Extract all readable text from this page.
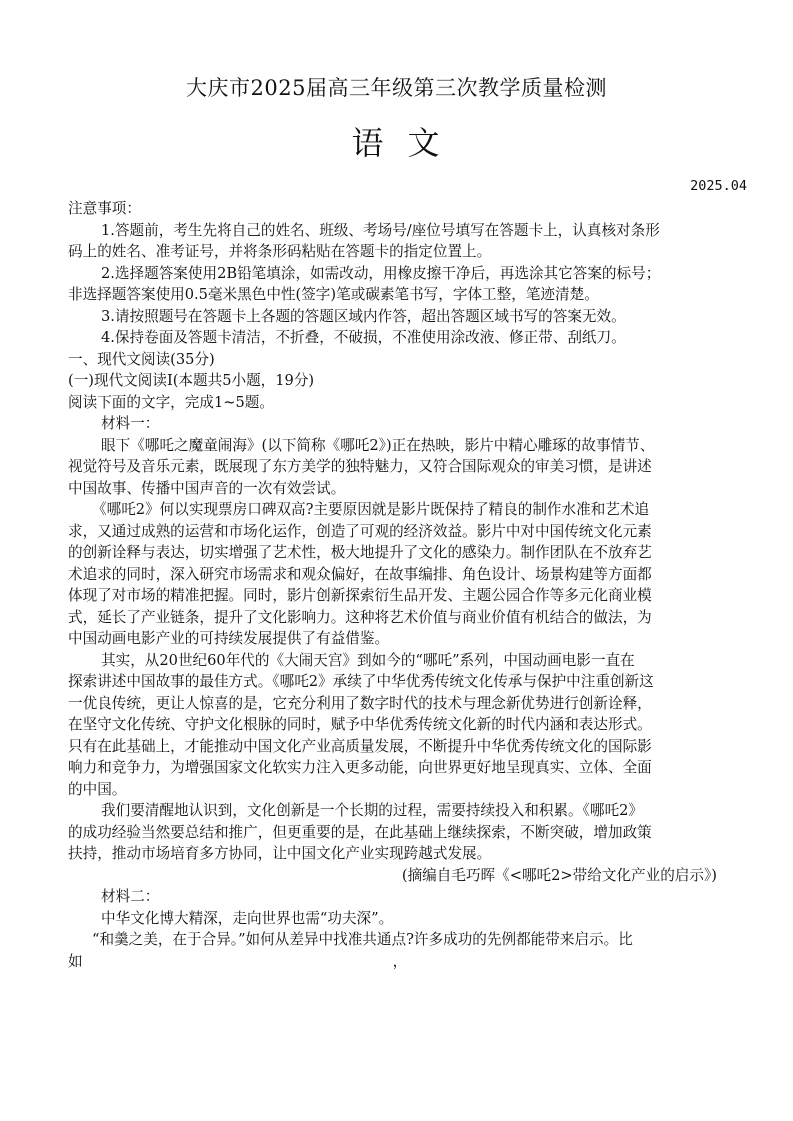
大庆市2025届高三年级第三次教学质量检测
语 文
2025.04
注意事项：
1.答题前，考生先将自己的姓名、班级、考场号/座位号填写在答题卡上，认真核对条形
码上的姓名、准考证号，并将条形码粘贴在答题卡的指定位置上。
2.选择题答案使用2B铅笔填涂，如需改动，用橡皮擦干净后，再选涂其它答案的标号；
非选择题答案使用0.5毫米黑色中性(签字)笔或碳素笔书写，字体工整，笔迹清楚。
3.请按照题号在答题卡上各题的答题区域内作答，超出答题区域书写的答案无效。
4.保持卷面及答题卡清洁，不折叠，不破损，不准使用涂改液、修正带、刮纸刀。
一、现代文阅读(35分)
(一)现代文阅读Ⅰ(本题共5小题，19分)
阅读下面的文字，完成1~5题。
材料一：
眼下《哪吒之魔童闹海》(以下简称《哪吒2》)正在热映，影片中精心雕琢的故事情节、
视觉符号及音乐元素，既展现了东方美学的独特魅力，又符合国际观众的审美习惯，是讲述
中国故事、传播中国声音的一次有效尝试。
《哪吒2》何以实现票房口碑双高?主要原因就是影片既保持了精良的制作水准和艺术追
求，又通过成熟的运营和市场化运作，创造了可观的经济效益。影片中对中国传统文化元素
的创新诠释与表达，切实增强了艺术性，极大地提升了文化的感染力。制作团队在不放弃艺
术追求的同时，深入研究市场需求和观众偏好，在故事编排、角色设计、场景构建等方面都
体现了对市场的精准把握。同时，影片创新探索衍生品开发、主题公园合作等多元化商业模
式，延长了产业链条，提升了文化影响力。这种将艺术价值与商业价值有机结合的做法，为
中国动画电影产业的可持续发展提供了有益借鉴。
其实，从20世纪60年代的《大闹天宫》到如今的“哪吒”系列，中国动画电影一直在
探索讲述中国故事的最佳方式。《哪吒2》承续了中华优秀传统文化传承与保护中注重创新这
一优良传统，更让人惊喜的是，它充分利用了数字时代的技术与理念新优势进行创新诠释，
在坚守文化传统、守护文化根脉的同时，赋予中华优秀传统文化新的时代内涵和表达形式。
只有在此基础上，才能推动中国文化产业高质量发展，不断提升中华优秀传统文化的国际影
响力和竞争力，为增强国家文化软实力注入更多动能，向世界更好地呈现真实、立体、全面
的中国。
我们要清醒地认识到，文化创新是一个长期的过程，需要持续投入和积累。《哪吒2》
的成功经验当然要总结和推广，但更重要的是，在此基础上继续探索，不断突破，增加政策
扶持，推动市场培育多方协同，让中国文化产业实现跨越式发展。
(摘编自毛巧晖《<哪吒2>带给文化产业的启示》)
材料二：
中华文化博大精深，走向世界也需“功夫深”。
“和羹之美，在于合异。”如何从差异中找准共通点?许多成功的先例都能带来启示。比
如	，
